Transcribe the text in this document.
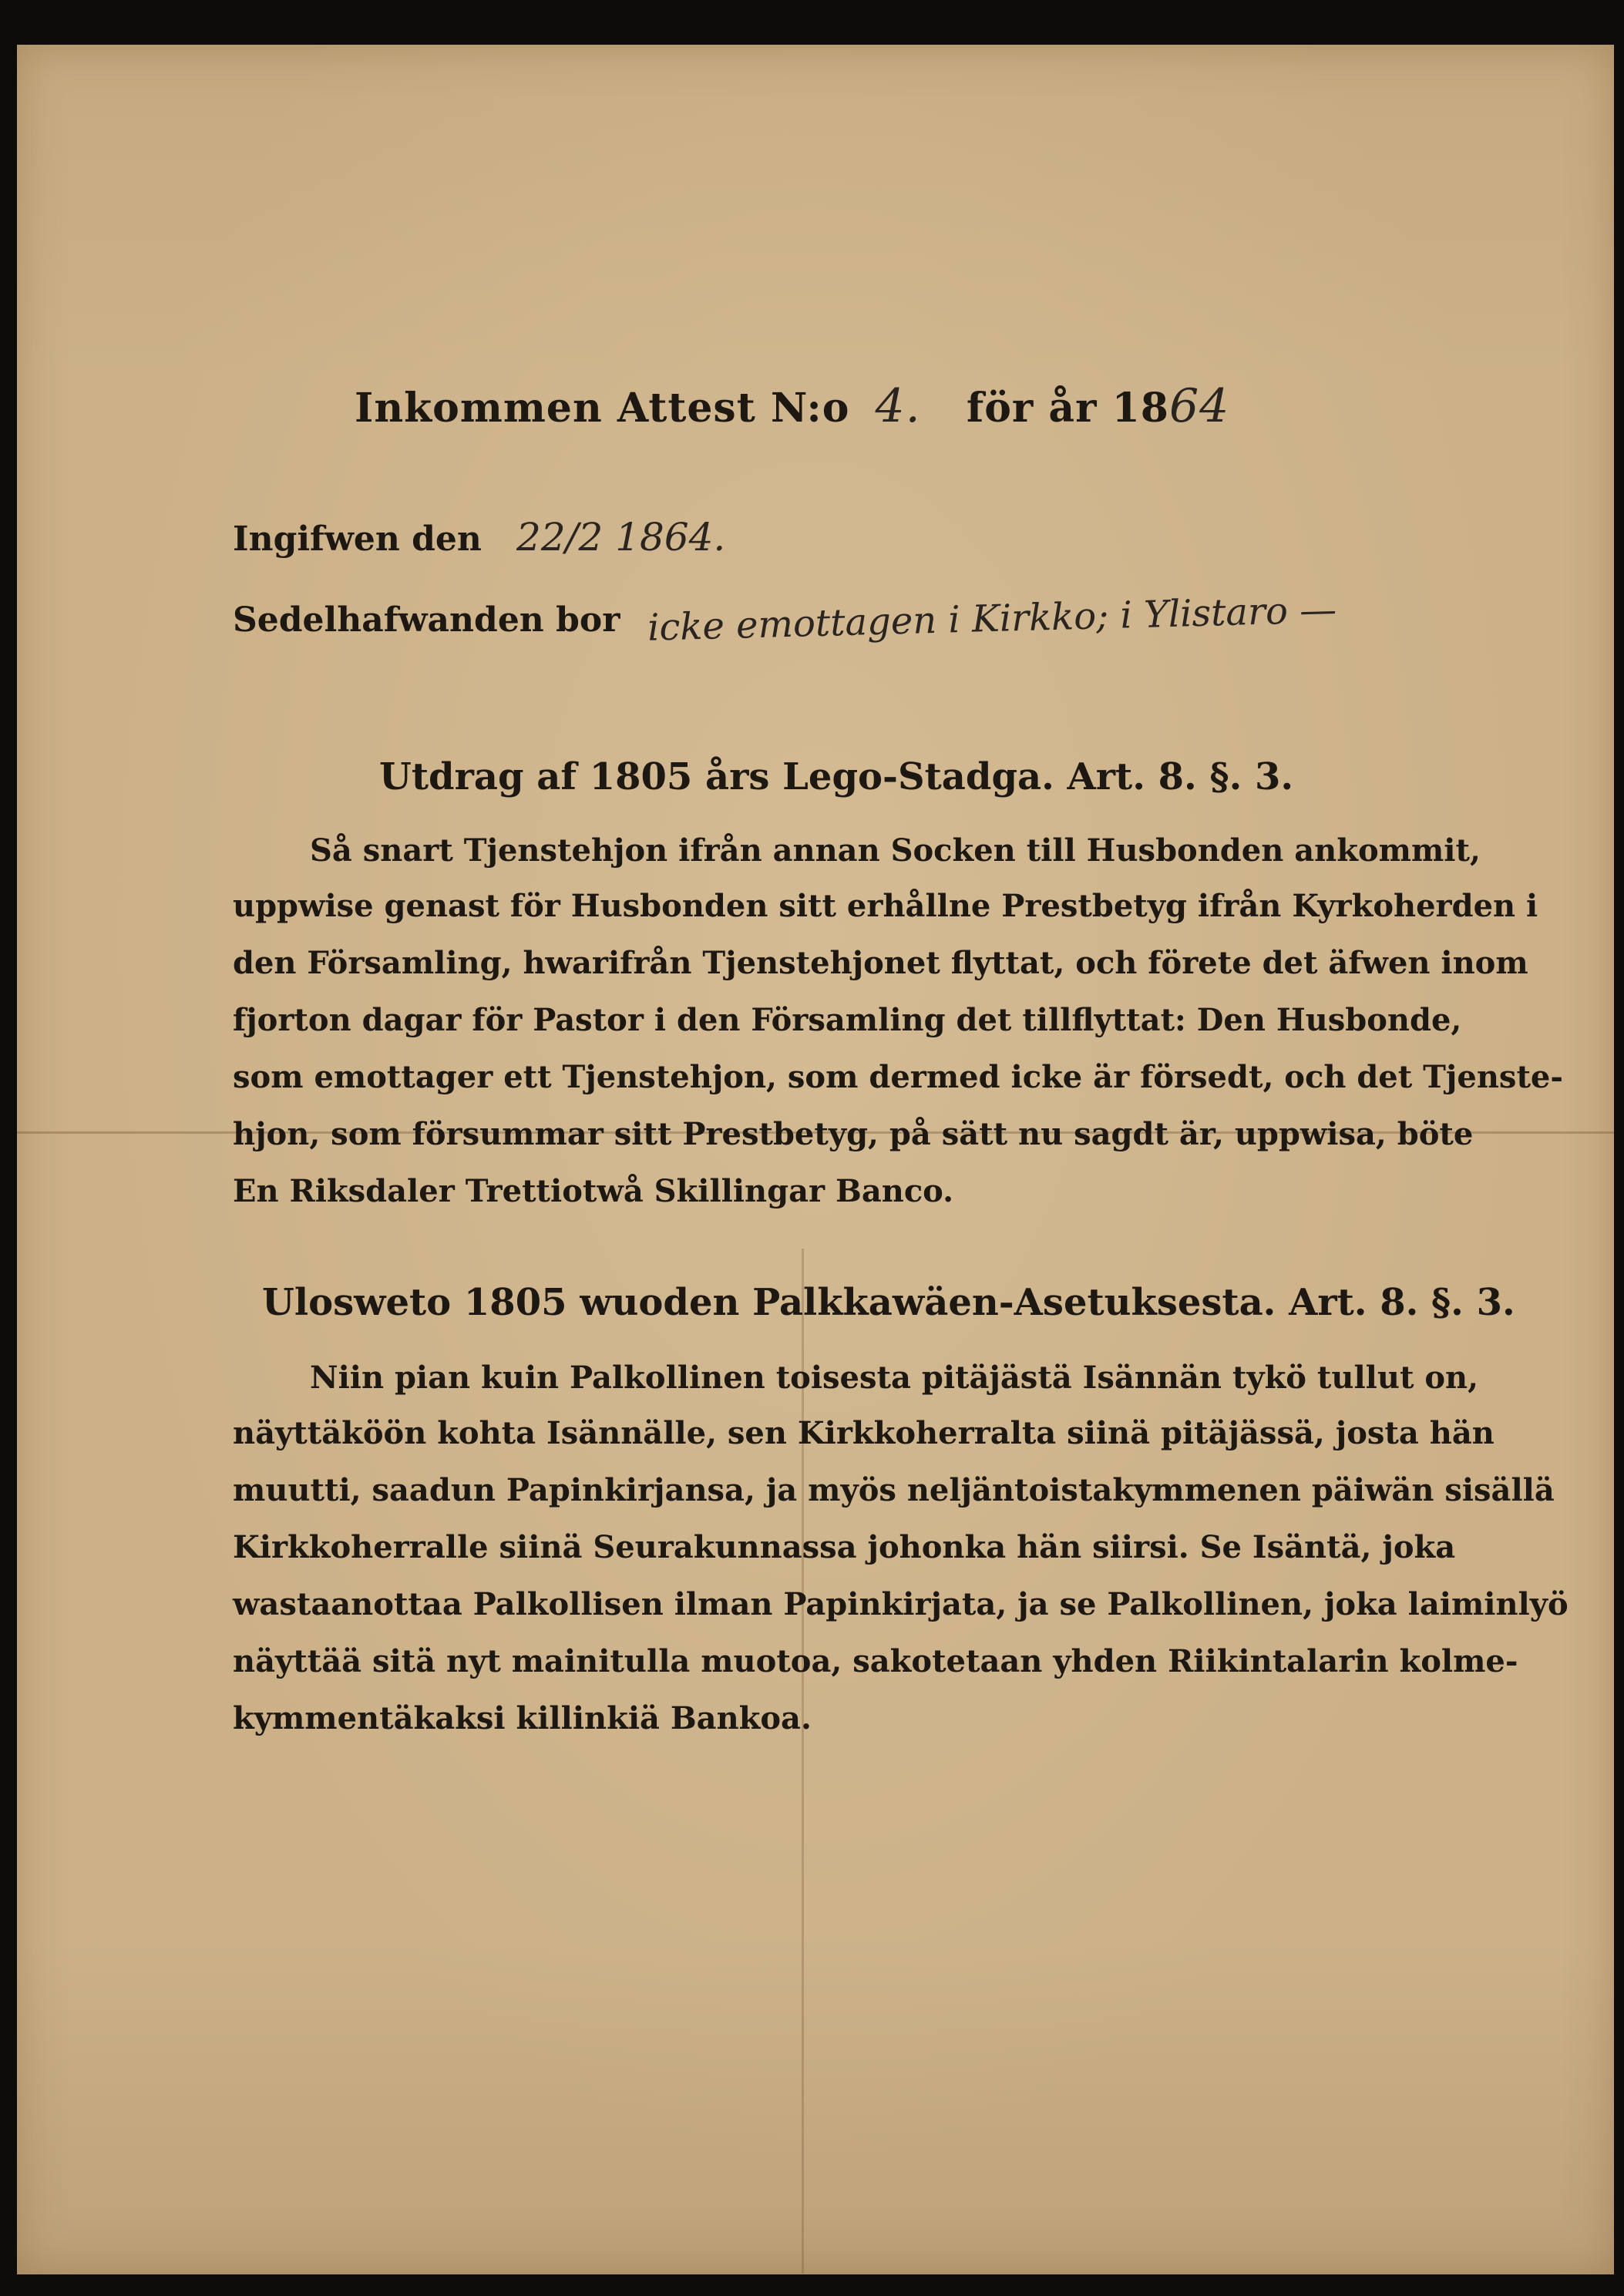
Inkommen Attest N:o 4. för år 1864
Ingifwen den 22/2 1864.
Sedelhafwanden bor icke emottagen i Kirkko; i Ylistaro —
Utdrag af 1805 års Lego-Stadga. Art. 8. §. 3.
Så snart Tjenstehjon ifrån annan Socken till Husbonden ankommit,
uppwise genast för Husbonden sitt erhållne Prestbetyg ifrån Kyrkoherden i
den Församling, hwarifrån Tjenstehjonet flyttat, och förete det äfwen inom
fjorton dagar för Pastor i den Församling det tillflyttat: Den Husbonde,
som emottager ett Tjenstehjon, som dermed icke är försedt, och det Tjenste-
hjon, som försummar sitt Prestbetyg, på sätt nu sagdt är, uppwisa, böte
En Riksdaler Trettiotwå Skillingar Banco.
Ulosweto 1805 wuoden Palkkawäen-Asetuksesta. Art. 8. §. 3.
Niin pian kuin Palkollinen toisesta pitäjästä Isännän tykö tullut on,
näyttäköön kohta Isännälle, sen Kirkkoherralta siinä pitäjässä, josta hän
muutti, saadun Papinkirjansa, ja myös neljäntoistakymmenen päiwän sisällä
Kirkkoherralle siinä Seurakunnassa johonka hän siirsi. Se Isäntä, joka
wastaanottaa Palkollisen ilman Papinkirjata, ja se Palkollinen, joka laiminlyö
näyttää sitä nyt mainitulla muotoa, sakotetaan yhden Riikintalarin kolme-
kymmentäkaksi killinkiä Bankoa.
